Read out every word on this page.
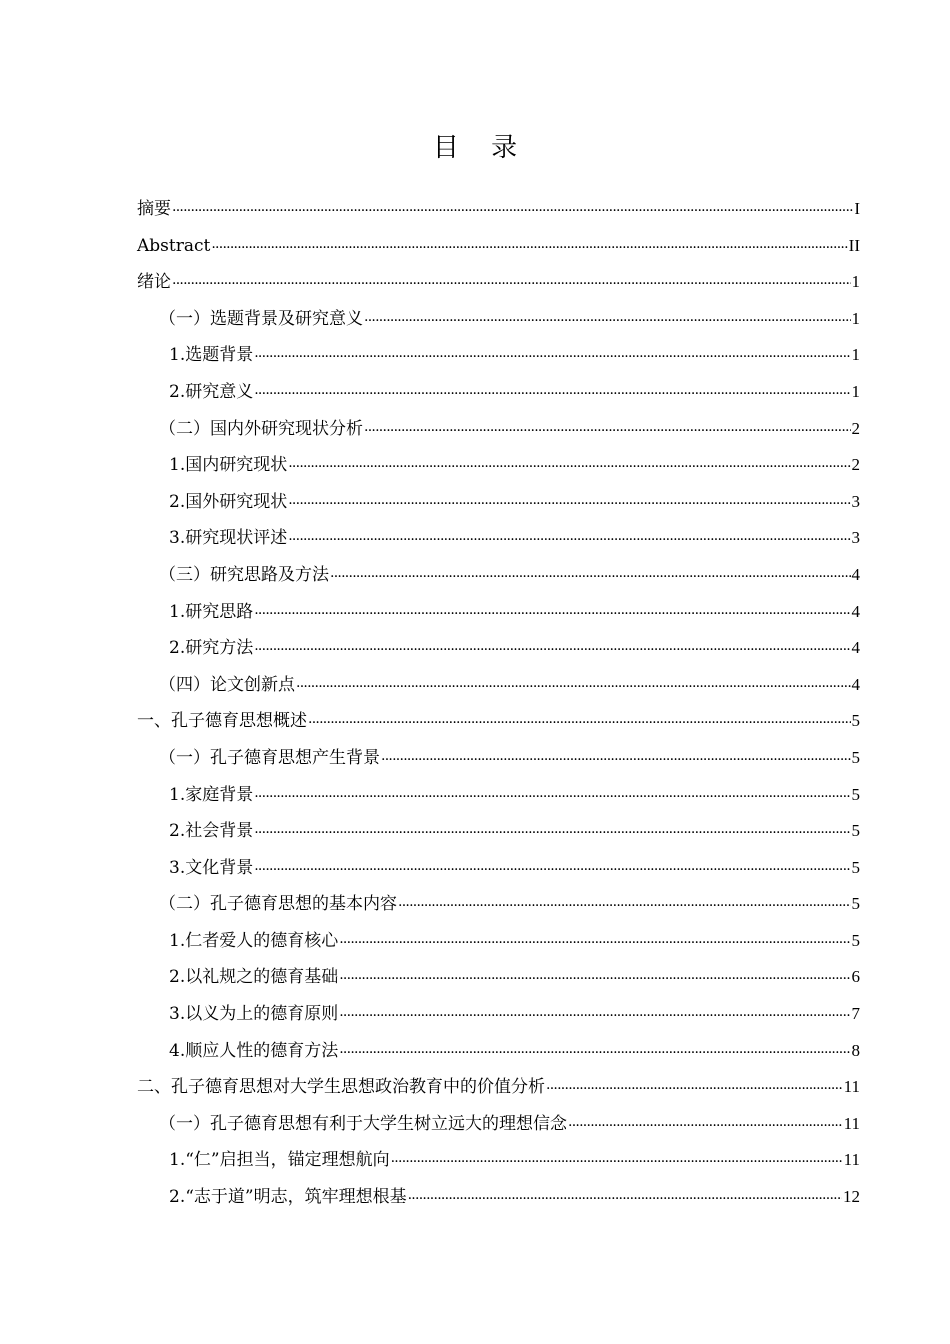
目 录
摘要 . . .	I
Abstract . . .	II
绪论 . . .	1
（一）选题背景及研究意义 . . .	1
1.选题背景 . . .	1
2.研究意义 . . .	1
（二）国内外研究现状分析 . . .	2
1.国内研究现状 . . .	2
2.国外研究现状 . . .	3
3.研究现状评述 . . .	3
（三）研究思路及方法 . . .	4
1.研究思路 . . .	4
2.研究方法 . . .	4
（四）论文创新点 . . .	4
一、孔子德育思想概述 . . .	5
（一）孔子德育思想产生背景 . . .	5
1.家庭背景 . . .	5
2.社会背景 . . .	5
3.文化背景 . . .	5
（二）孔子德育思想的基本内容 . . .	5
1.仁者爱人的德育核心 . . .	5
2.以礼规之的德育基础 . . .	6
3.以义为上的德育原则 . . .	7
4.顺应人性的德育方法 . . .	8
二、孔子德育思想对大学生思想政治教育中的价值分析 . . .	11
（一）孔子德育思想有利于大学生树立远大的理想信念 . . .	11
1.“仁”启担当，锚定理想航向 . . .	11
2.“志于道”明志，筑牢理想根基 . . .	12
